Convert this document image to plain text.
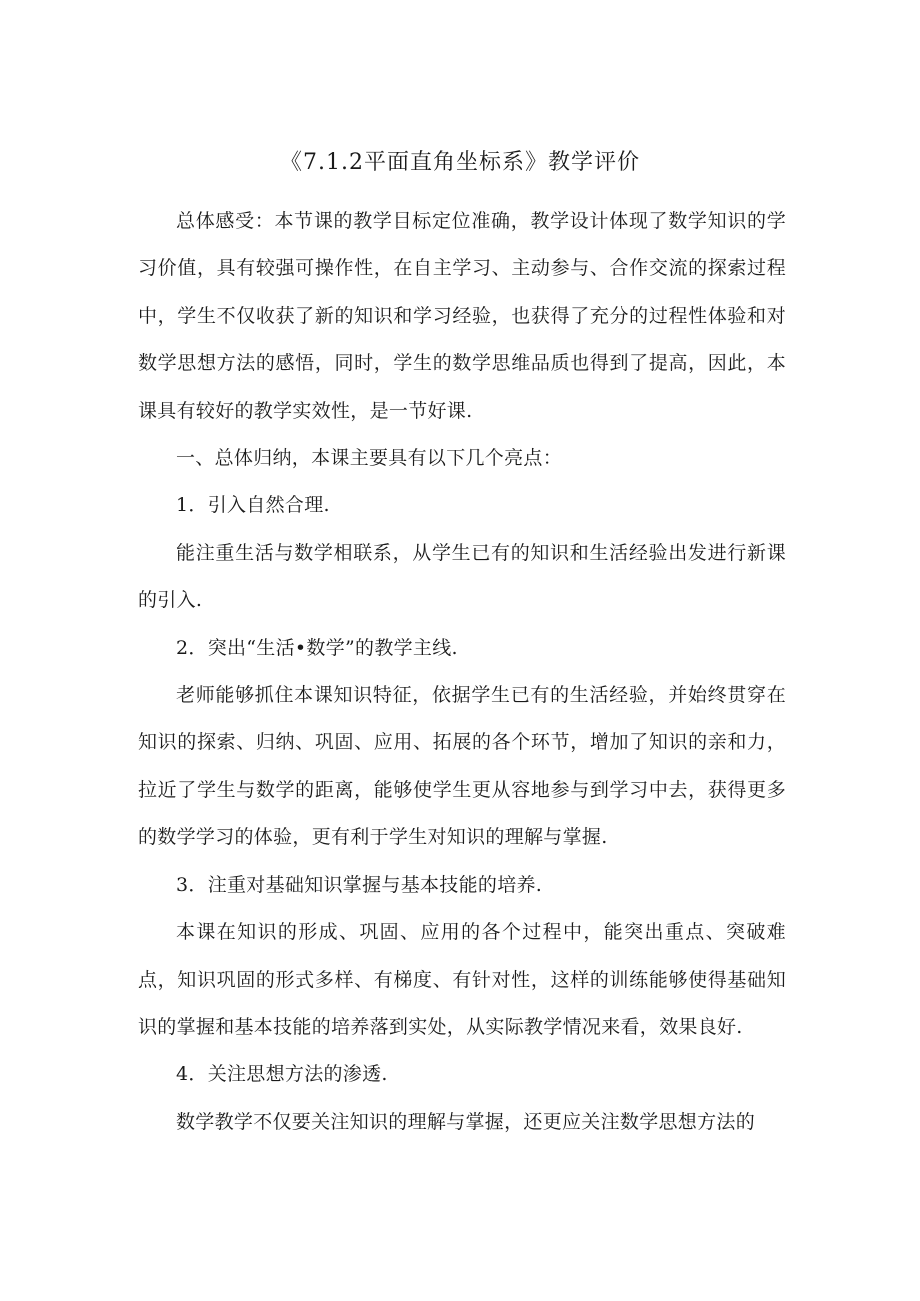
《7.1.2平面直角坐标系》教学评价

总体感受：本节课的教学目标定位准确，教学设计体现了数学知识的学习价值，具有较强可操作性，在自主学习、主动参与、合作交流的探索过程中，学生不仅收获了新的知识和学习经验，也获得了充分的过程性体验和对数学思想方法的感悟，同时，学生的数学思维品质也得到了提高，因此，本课具有较好的教学实效性，是一节好课.

一、总体归纳，本课主要具有以下几个亮点：

1．引入自然合理.

能注重生活与数学相联系，从学生已有的知识和生活经验出发进行新课的引入.

2．突出“生活•数学”的教学主线.

老师能够抓住本课知识特征，依据学生已有的生活经验，并始终贯穿在知识的探索、归纳、巩固、应用、拓展的各个环节，增加了知识的亲和力，拉近了学生与数学的距离，能够使学生更从容地参与到学习中去，获得更多的数学学习的体验，更有利于学生对知识的理解与掌握.

3．注重对基础知识掌握与基本技能的培养.

本课在知识的形成、巩固、应用的各个过程中，能突出重点、突破难点，知识巩固的形式多样、有梯度、有针对性，这样的训练能够使得基础知识的掌握和基本技能的培养落到实处，从实际教学情况来看，效果良好.

4．关注思想方法的渗透.

数学教学不仅要关注知识的理解与掌握，还更应关注数学思想方法的
